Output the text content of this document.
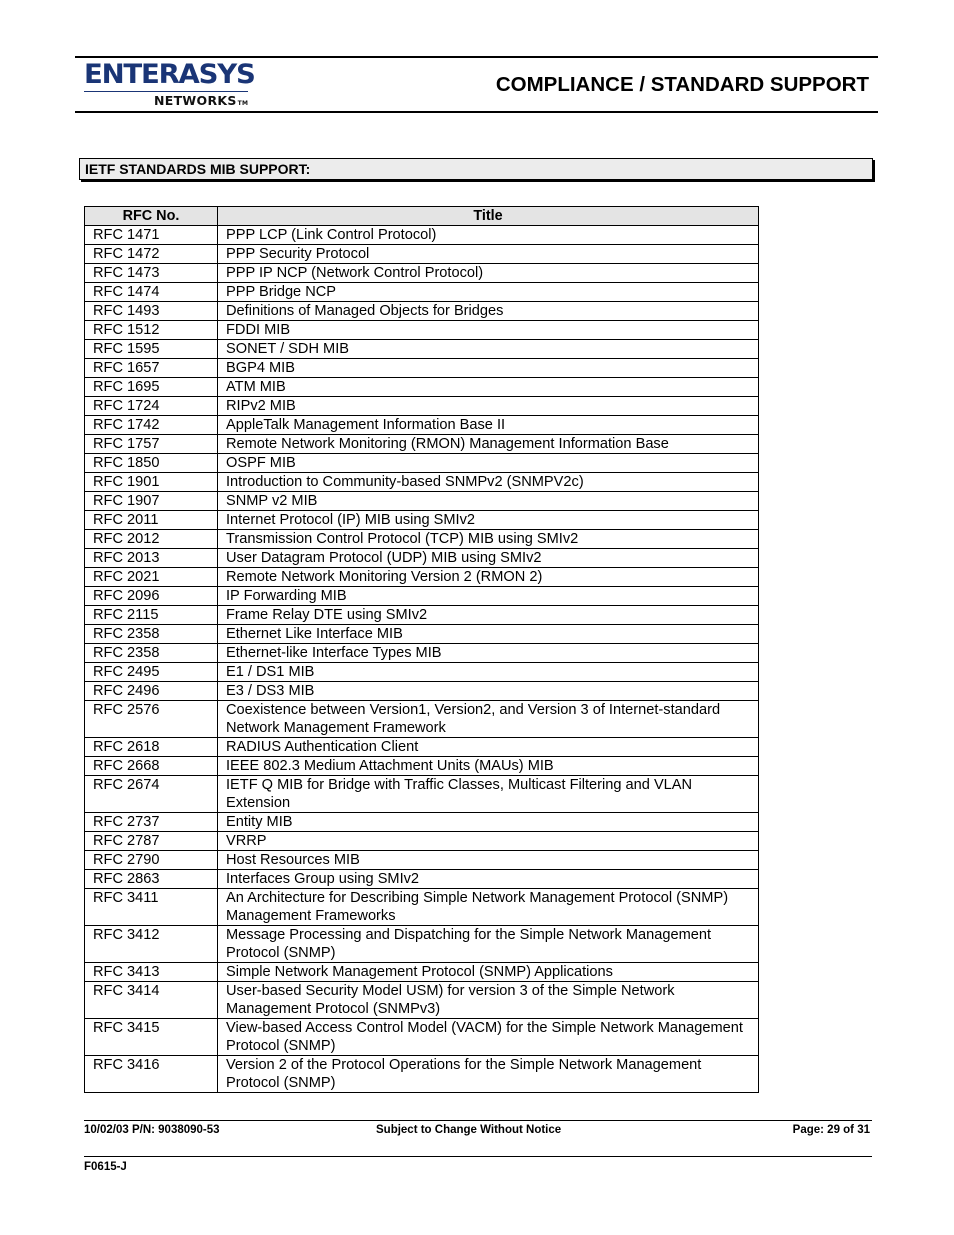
ENTERASYS
NETWORKSTM
COMPLIANCE / STANDARD SUPPORT
IETF STANDARDS MIB SUPPORT:
RFC No.	Title
RFC 1471	PPP LCP (Link Control Protocol)
RFC 1472	PPP Security Protocol
RFC 1473	PPP IP NCP (Network Control Protocol)
RFC 1474	PPP Bridge NCP
RFC 1493	Definitions of Managed Objects for Bridges
RFC 1512	FDDI MIB
RFC 1595	SONET / SDH MIB
RFC 1657	BGP4 MIB
RFC 1695	ATM MIB
RFC 1724	RIPv2 MIB
RFC 1742	AppleTalk Management Information Base II
RFC 1757	Remote Network Monitoring (RMON) Management Information Base
RFC 1850	OSPF MIB
RFC 1901	Introduction to Community-based SNMPv2 (SNMPV2c)
RFC 1907	SNMP v2 MIB
RFC 2011	Internet Protocol (IP) MIB using SMIv2
RFC 2012	Transmission Control Protocol (TCP) MIB using SMIv2
RFC 2013	User Datagram Protocol (UDP) MIB using SMIv2
RFC 2021	Remote Network Monitoring Version 2 (RMON 2)
RFC 2096	IP Forwarding MIB
RFC 2115	Frame Relay DTE using SMIv2
RFC 2358	Ethernet Like Interface MIB
RFC 2358	Ethernet-like Interface Types MIB
RFC 2495	E1 / DS1 MIB
RFC 2496	E3 / DS3 MIB
RFC 2576	Coexistence between Version1, Version2, and Version 3 of Internet-standard Network Management Framework
RFC 2618	RADIUS Authentication Client
RFC 2668	IEEE 802.3 Medium Attachment Units (MAUs) MIB
RFC 2674	IETF Q MIB for Bridge with Traffic Classes, Multicast Filtering and VLAN Extension
RFC 2737	Entity MIB
RFC 2787	VRRP
RFC 2790	Host Resources MIB
RFC 2863	Interfaces Group using SMIv2
RFC 3411	An Architecture for Describing Simple Network Management Protocol (SNMP) Management Frameworks
RFC 3412	Message Processing and Dispatching for the Simple Network Management Protocol (SNMP)
RFC 3413	Simple Network Management Protocol (SNMP) Applications
RFC 3414	User-based Security Model USM) for version 3 of the Simple Network Management Protocol (SNMPv3)
RFC 3415	View-based Access Control Model (VACM) for the Simple Network Management Protocol (SNMP)
RFC 3416	Version 2 of the Protocol Operations for the Simple Network Management Protocol (SNMP)
10/02/03 P/N: 9038090-53	Subject to Change Without Notice	Page: 29 of 31
F0615-J
